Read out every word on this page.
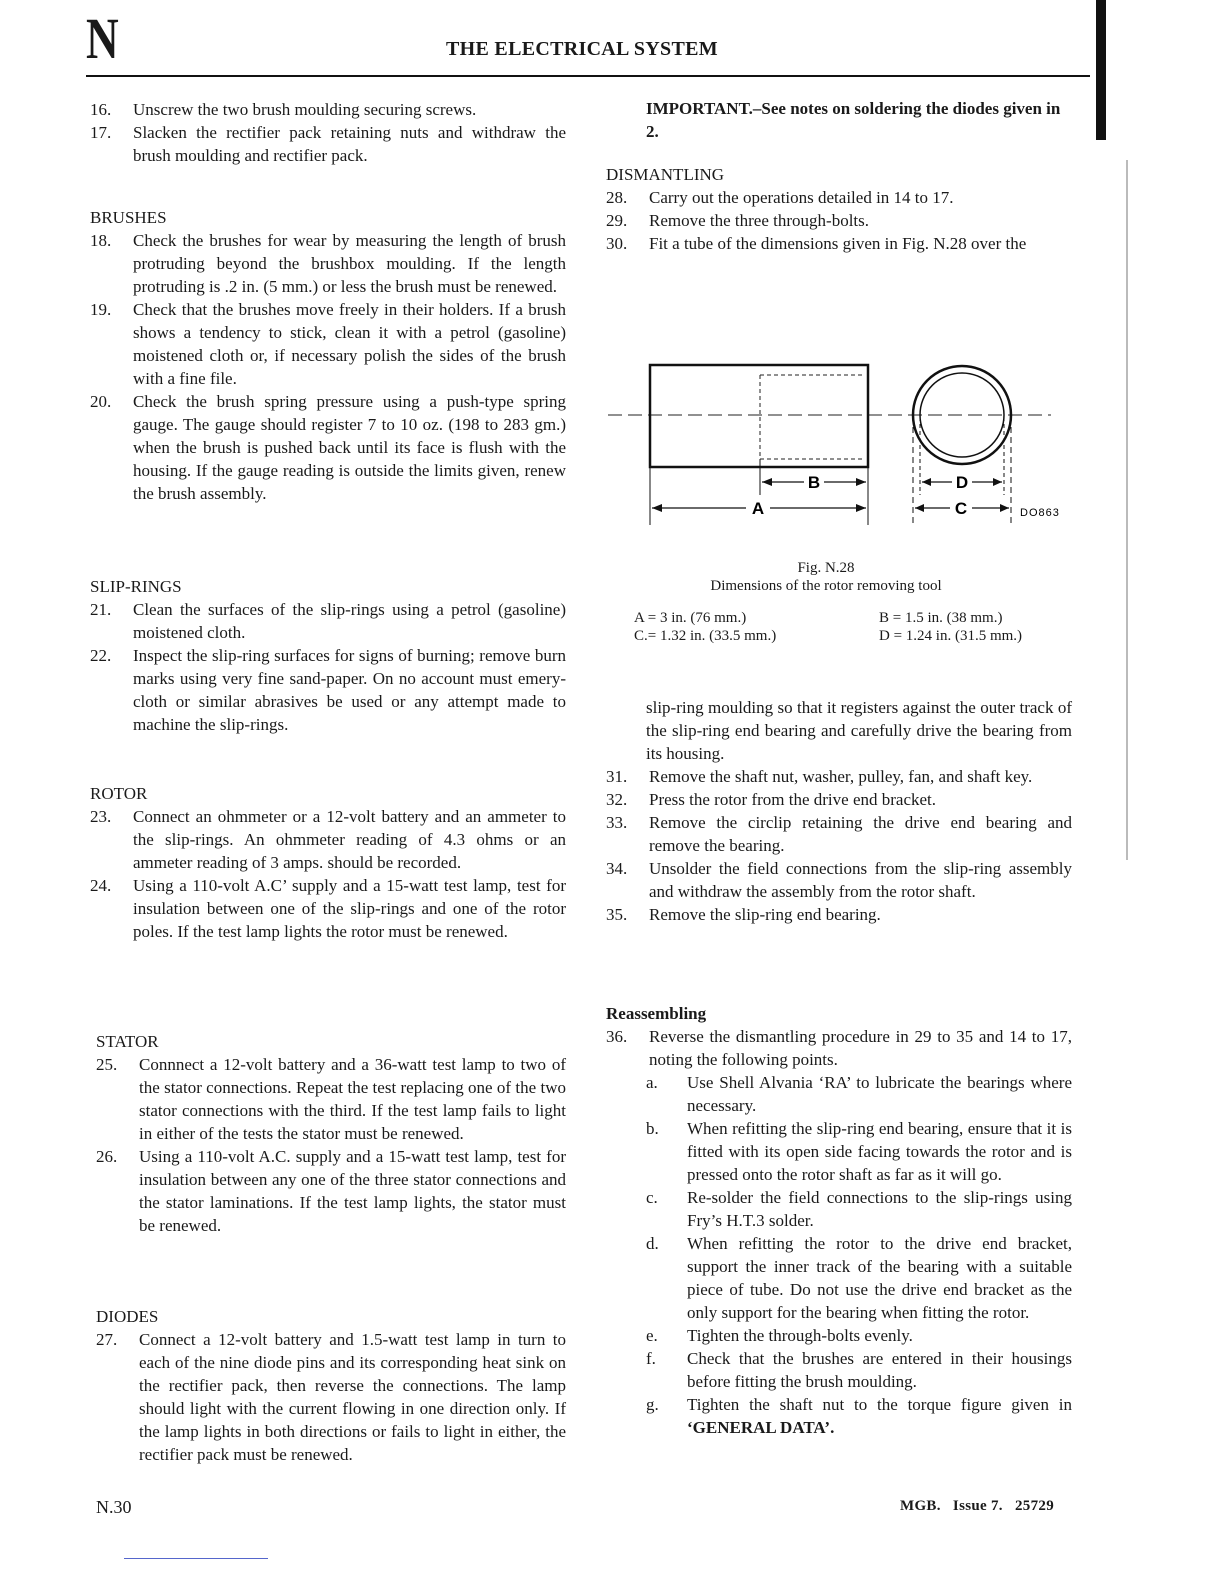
N	THE ELECTRICAL SYSTEM
16.	Unscrew the two brush moulding securing screws.
17.	Slacken the rectifier pack retaining nuts and withdraw the brush moulding and rectifier pack.
BRUSHES
18.	Check the brushes for wear by measuring the length of brush protruding beyond the brushbox moulding. If the length protruding is .2 in. (5 mm.) or less the brush must be renewed.
19.	Check that the brushes move freely in their holders. If a brush shows a tendency to stick, clean it with a petrol (gasoline) moistened cloth or, if necessary polish the sides of the brush with a fine file.
20.	Check the brush spring pressure using a push-type spring gauge. The gauge should register 7 to 10 oz. (198 to 283 gm.) when the brush is pushed back until its face is flush with the housing. If the gauge reading is outside the limits given, renew the brush assembly.
SLIP-RINGS
21.	Clean the surfaces of the slip-rings using a petrol (gasoline) moistened cloth.
22.	Inspect the slip-ring surfaces for signs of burning; remove burn marks using very fine sand-paper. On no account must emery-cloth or similar abrasives be used or any attempt made to machine the slip-rings.
ROTOR
23.	Connect an ohmmeter or a 12-volt battery and an ammeter to the slip-rings. An ohmmeter reading of 4.3 ohms or an ammeter reading of 3 amps. should be recorded.
24.	Using a 110-volt A.C’ supply and a 15-watt test lamp, test for insulation between one of the slip-rings and one of the rotor poles. If the test lamp lights the rotor must be renewed.
STATOR
25.	Connnect a 12-volt battery and a 36-watt test lamp to two of the stator connections. Repeat the test replacing one of the two stator connections with the third. If the test lamp fails to light in either of the tests the stator must be renewed.
26.	Using a 110-volt A.C. supply and a 15-watt test lamp, test for insulation between any one of the three stator connections and the stator laminations. If the test lamp lights, the stator must be renewed.
DIODES
27.	Connect a 12-volt battery and 1.5-watt test lamp in turn to each of the nine diode pins and its corresponding heat sink on the rectifier pack, then reverse the connections. The lamp should light with the current flowing in one direction only. If the lamp lights in both directions or fails to light in either, the rectifier pack must be renewed.
IMPORTANT.–See notes on soldering the diodes given in 2.
DISMANTLING
28.	Carry out the operations detailed in 14 to 17.
29.	Remove the three through-bolts.
30.	Fit a tube of the dimensions given in Fig. N.28 over the
B
A
D
C	DO863
Fig. N.28
Dimensions of the rotor removing tool
A = 3 in. (76 mm.)	B = 1.5 in. (38 mm.)
C.= 1.32 in. (33.5 mm.)	D = 1.24 in. (31.5 mm.)
slip-ring moulding so that it registers against the outer track of the slip-ring end bearing and carefully drive the bearing from its housing.
31.	Remove the shaft nut, washer, pulley, fan, and shaft key.
32.	Press the rotor from the drive end bracket.
33.	Remove the circlip retaining the drive end bearing and remove the bearing.
34.	Unsolder the field connections from the slip-ring assembly and withdraw the assembly from the rotor shaft.
35.	Remove the slip-ring end bearing.
Reassembling
36.	Reverse the dismantling procedure in 29 to 35 and 14 to 17, noting the following points.
a.	Use Shell Alvania ‘RA’ to lubricate the bearings where necessary.
b.	When refitting the slip-ring end bearing, ensure that it is fitted with its open side facing towards the rotor and is pressed onto the rotor shaft as far as it will go.
c.	Re-solder the field connections to the slip-rings using Fry’s H.T.3 solder.
d.	When refitting the rotor to the drive end bracket, support the inner track of the bearing with a suitable piece of tube. Do not use the drive end bracket as the only support for the bearing when fitting the rotor.
e.	Tighten the through-bolts evenly.
f.	Check that the brushes are entered in their housings before fitting the brush moulding.
g.	Tighten the shaft nut to the torque figure given in ‘GENERAL DATA’.
N.30	MGB.   Issue 7.   25729
